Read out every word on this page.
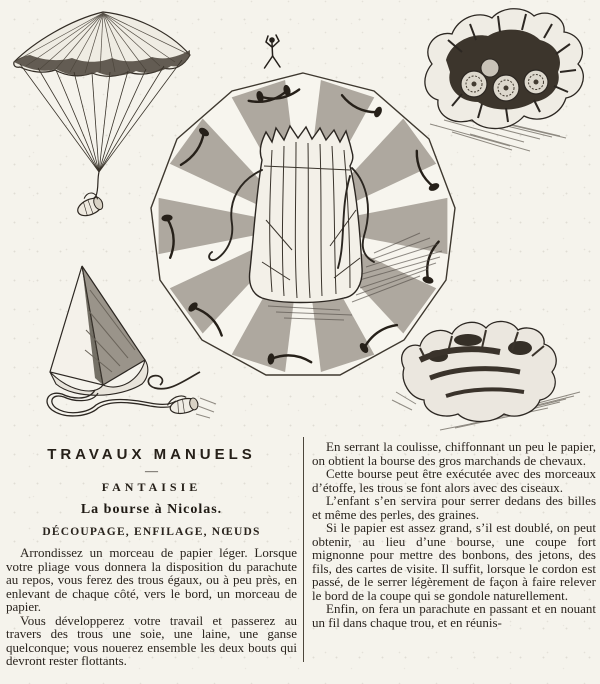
TRAVAUX MANUELS
—
FANTAISIE
La bourse à Nicolas.
DÉCOUPAGE, ENFILAGE, NŒUDS

Arrondissez un morceau de papier léger. Lorsque votre pliage vous donnera la disposition du parachute au repos, vous ferez des trous égaux, ou à peu près, en enlevant de chaque côté, vers le bord, un morceau de papier.

Vous développerez votre travail et passerez au travers des trous une soie, une laine, une ganse quelconque; vous nouerez ensemble les deux bouts qui devront rester flottants.

En serrant la coulisse, chiffonnant un peu le papier, on obtient la bourse des gros marchands de chevaux.

Cette bourse peut être exécutée avec des morceaux d’étoffe, les trous se font alors avec des ciseaux.

L’enfant s’en servira pour serrer dedans des billes et même des perles, des graines.

Si le papier est assez grand, s’il est doublé, on peut obtenir, au lieu d’une bourse, une coupe fort mignonne pour mettre des bonbons, des jetons, des fils, des cartes de visite. Il suffit, lorsque le cordon est passé, de le serrer légèrement de façon à faire relever le bord de la coupe qui se gondole naturellement.

Enfin, on fera un parachute en passant et en nouant un fil dans chaque trou, et en réunis-
